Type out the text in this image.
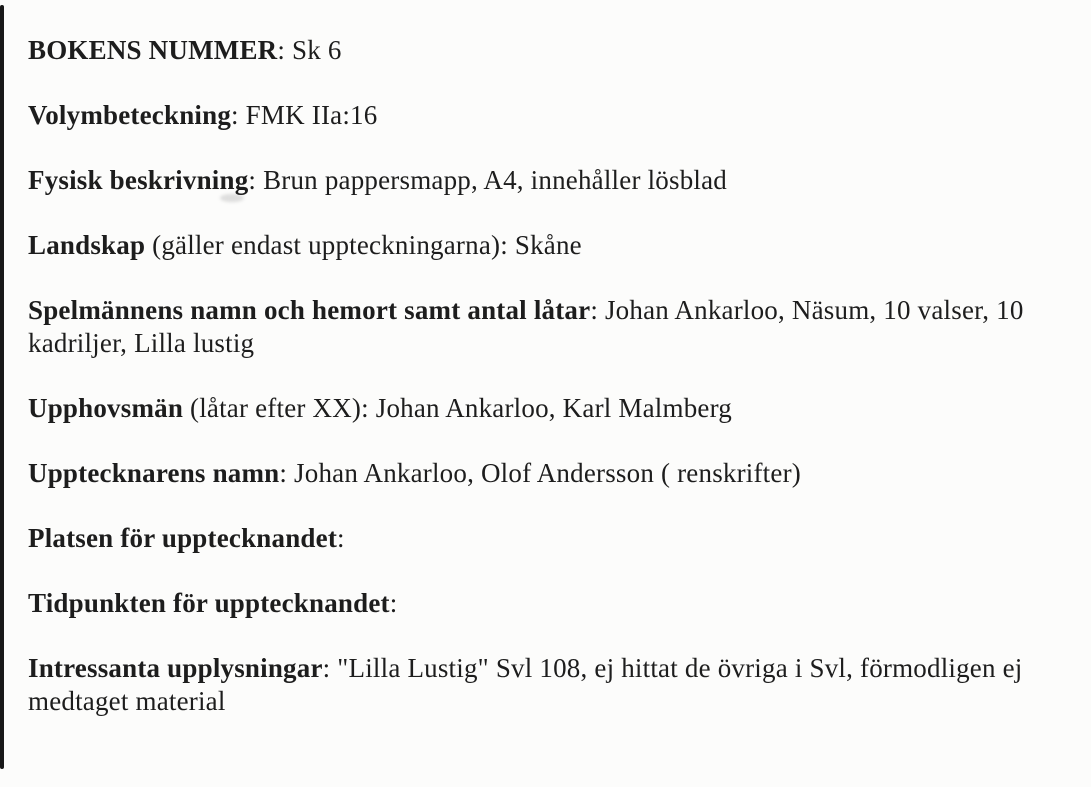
BOKENS NUMMER: Sk 6

Volymbeteckning: FMK IIa:16

Fysisk beskrivning: Brun pappersmapp, A4, innehåller lösblad

Landskap (gäller endast uppteckningarna): Skåne

Spelmännens namn och hemort samt antal låtar: Johan Ankarloo, Näsum, 10 valser, 10
kadriljer, Lilla lustig

Upphovsmän (låtar efter XX): Johan Ankarloo, Karl Malmberg

Upptecknarens namn: Johan Ankarloo, Olof Andersson ( renskrifter)

Platsen för upptecknandet:

Tidpunkten för upptecknandet:

Intressanta upplysningar: "Lilla Lustig" Svl 108, ej hittat de övriga i Svl, förmodligen ej
medtaget material
